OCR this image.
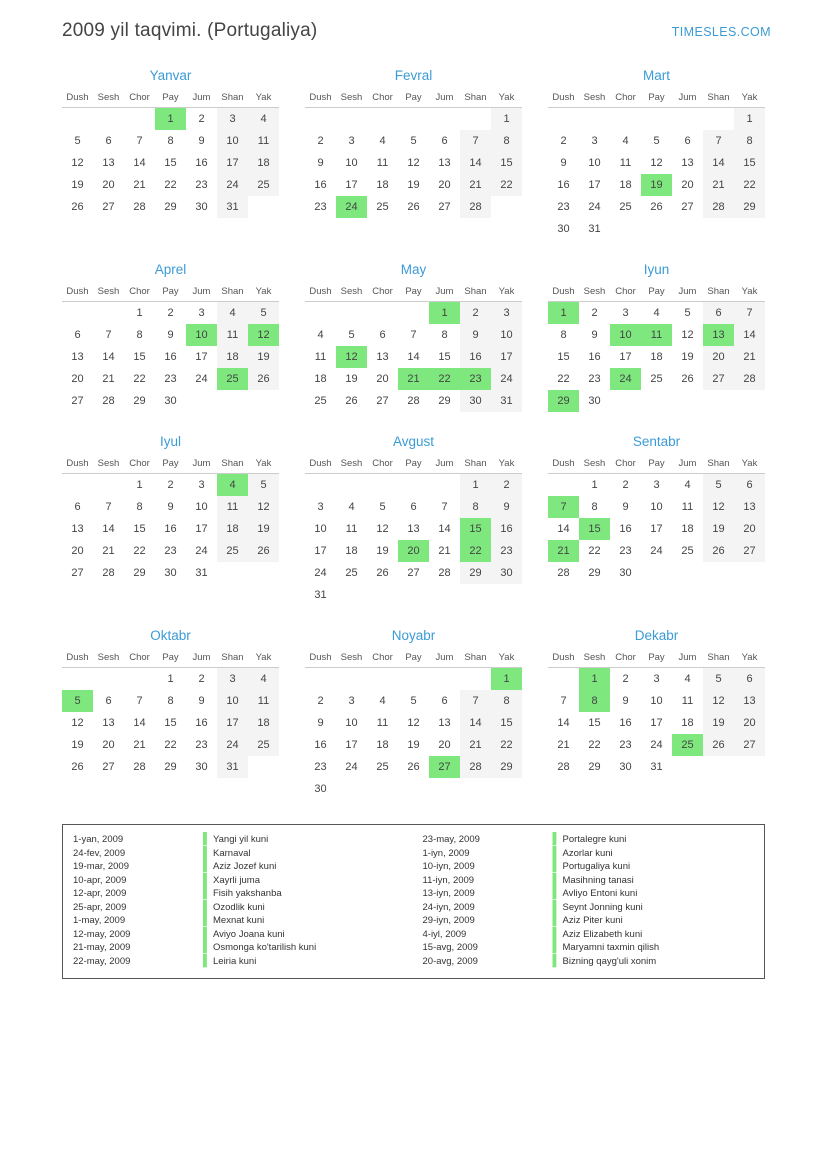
2009 yil taqvimi. (Portugaliya)	TIMESLES.COM
Yanvar
Dush	Sesh	Chor	Pay	Jum	Shan	Yak
			1	2	3	4
5	6	7	8	9	10	11
12	13	14	15	16	17	18
19	20	21	22	23	24	25
26	27	28	29	30	31	
Fevral
Dush	Sesh	Chor	Pay	Jum	Shan	Yak
						1
2	3	4	5	6	7	8
9	10	11	12	13	14	15
16	17	18	19	20	21	22
23	24	25	26	27	28	
Mart
Dush	Sesh	Chor	Pay	Jum	Shan	Yak
						1
2	3	4	5	6	7	8
9	10	11	12	13	14	15
16	17	18	19	20	21	22
23	24	25	26	27	28	29
30	31					
Aprel
Dush	Sesh	Chor	Pay	Jum	Shan	Yak
		1	2	3	4	5
6	7	8	9	10	11	12
13	14	15	16	17	18	19
20	21	22	23	24	25	26
27	28	29	30			
May
Dush	Sesh	Chor	Pay	Jum	Shan	Yak
				1	2	3
4	5	6	7	8	9	10
11	12	13	14	15	16	17
18	19	20	21	22	23	24
25	26	27	28	29	30	31
Iyun
Dush	Sesh	Chor	Pay	Jum	Shan	Yak
1	2	3	4	5	6	7
8	9	10	11	12	13	14
15	16	17	18	19	20	21
22	23	24	25	26	27	28
29	30					
Iyul
Dush	Sesh	Chor	Pay	Jum	Shan	Yak
		1	2	3	4	5
6	7	8	9	10	11	12
13	14	15	16	17	18	19
20	21	22	23	24	25	26
27	28	29	30	31		
Avgust
Dush	Sesh	Chor	Pay	Jum	Shan	Yak
					1	2
3	4	5	6	7	8	9
10	11	12	13	14	15	16
17	18	19	20	21	22	23
24	25	26	27	28	29	30
31						
Sentabr
Dush	Sesh	Chor	Pay	Jum	Shan	Yak
	1	2	3	4	5	6
7	8	9	10	11	12	13
14	15	16	17	18	19	20
21	22	23	24	25	26	27
28	29	30				
Oktabr
Dush	Sesh	Chor	Pay	Jum	Shan	Yak
			1	2	3	4
5	6	7	8	9	10	11
12	13	14	15	16	17	18
19	20	21	22	23	24	25
26	27	28	29	30	31	
Noyabr
Dush	Sesh	Chor	Pay	Jum	Shan	Yak
						1
2	3	4	5	6	7	8
9	10	11	12	13	14	15
16	17	18	19	20	21	22
23	24	25	26	27	28	29
30						
Dekabr
Dush	Sesh	Chor	Pay	Jum	Shan	Yak
	1	2	3	4	5	6
7	8	9	10	11	12	13
14	15	16	17	18	19	20
21	22	23	24	25	26	27
28	29	30	31			
1-yan, 2009	▌ Yangi yil kuni
24-fev, 2009	▌ Karnaval
19-mar, 2009	▌ Aziz Jozef kuni
10-apr, 2009	▌ Xayrli juma
12-apr, 2009	▌ Fisih yakshanba
25-apr, 2009	▌ Ozodlik kuni
1-may, 2009	▌ Mexnat kuni
12-may, 2009	▌ Aviyo Joana kuni
21-may, 2009	▌ Osmonga ko'tarilish kuni
22-may, 2009	▌ Leiria kuni
23-may, 2009	▌ Portalegre kuni
1-iyn, 2009	▌ Azorlar kuni
10-iyn, 2009	▌ Portugaliya kuni
11-iyn, 2009	▌ Masihning tanasi
13-iyn, 2009	▌ Avliyo Entoni kuni
24-iyn, 2009	▌ Seynt Jonning kuni
29-iyn, 2009	▌ Aziz Piter kuni
4-iyl, 2009	▌ Aziz Elizabeth kuni
15-avg, 2009	▌ Maryamni taxmin qilish
20-avg, 2009	▌ Bizning qayg'uli xonim
